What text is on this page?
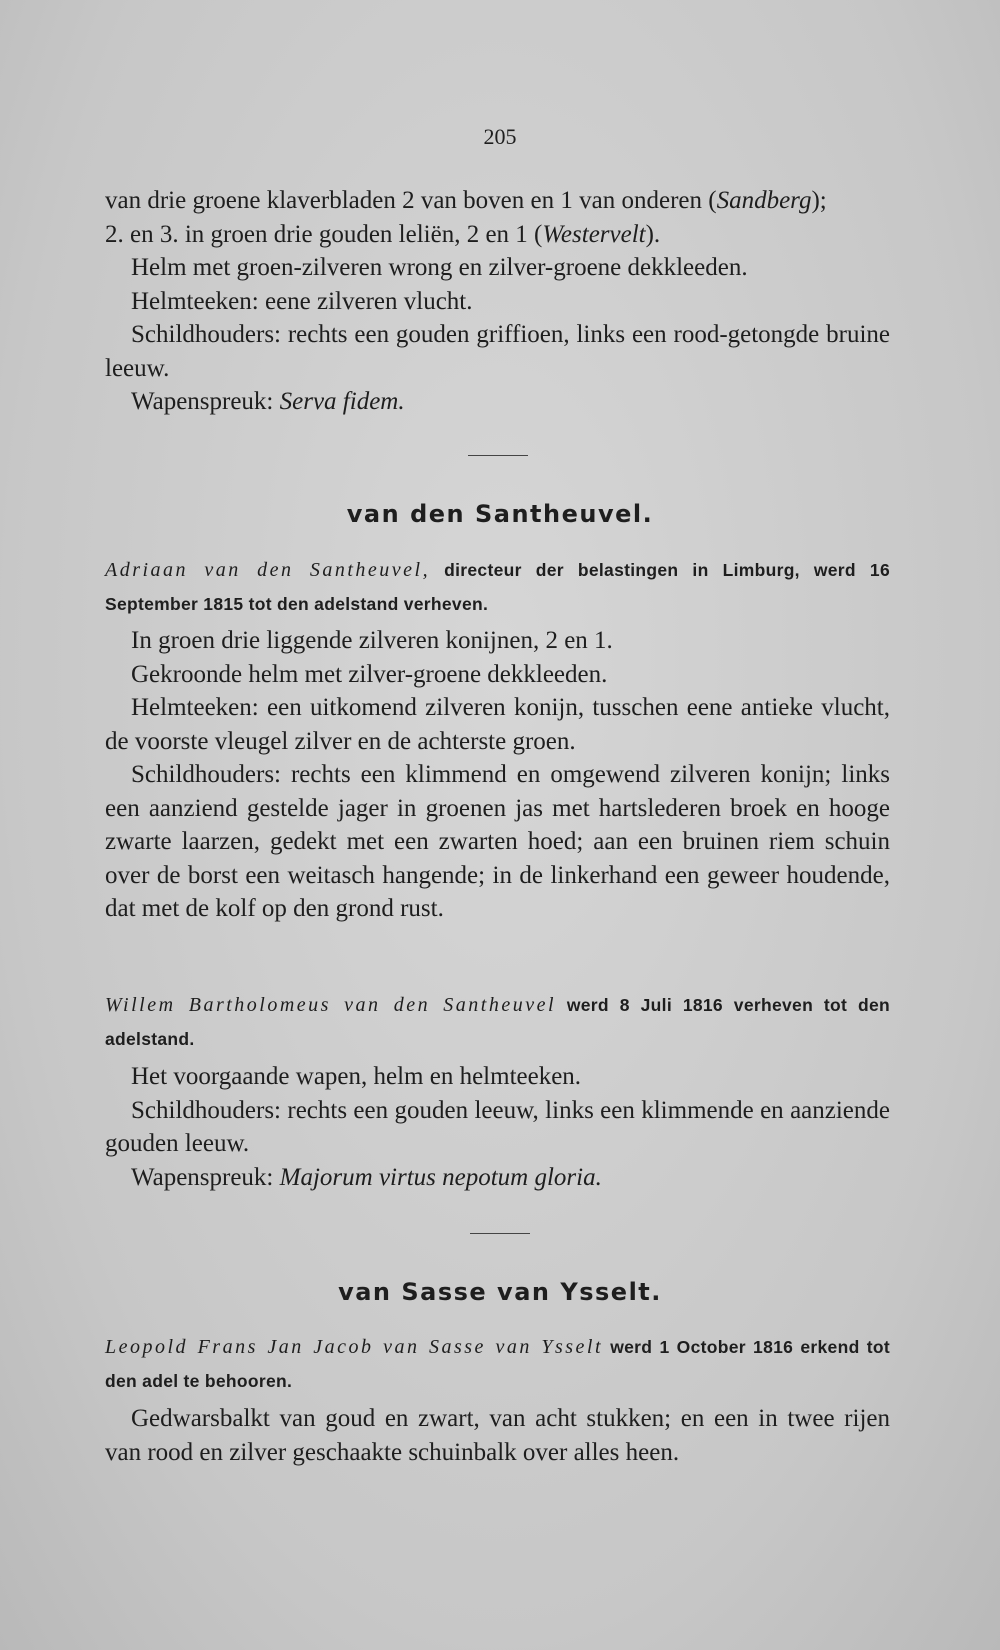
205

van drie groene klaverbladen 2 van boven en 1 van onderen (Sandberg);

2. en 3. in groen drie gouden leliën, 2 en 1 (Westervelt).

Helm met groen-zilveren wrong en zilver-groene dekkleeden.

Helmteeken: eene zilveren vlucht.

Schildhouders: rechts een gouden griffioen, links een rood-getongde bruine leeuw.

Wapenspreuk: Serva fidem.

van den Santheuvel.

Adriaan van den Santheuvel, directeur der belastingen in Limburg, werd 16 September 1815 tot den adelstand verheven.

In groen drie liggende zilveren konijnen, 2 en 1.

Gekroonde helm met zilver-groene dekkleeden.

Helmteeken: een uitkomend zilveren konijn, tusschen eene antieke vlucht, de voorste vleugel zilver en de achterste groen.

Schildhouders: rechts een klimmend en omgewend zilveren konijn; links een aanziend gestelde jager in groenen jas met hartslederen broek en hooge zwarte laarzen, gedekt met een zwarten hoed; aan een bruinen riem schuin over de borst een weitasch hangende; in de linkerhand een geweer houdende, dat met de kolf op den grond rust.

Willem Bartholomeus van den Santheuvel werd 8 Juli 1816 verheven tot den adelstand.

Het voorgaande wapen, helm en helmteeken.

Schildhouders: rechts een gouden leeuw, links een klimmende en aanziende gouden leeuw.

Wapenspreuk: Majorum virtus nepotum gloria.

van Sasse van Ysselt.

Leopold Frans Jan Jacob van Sasse van Ysselt werd 1 October 1816 erkend tot den adel te behooren.

Gedwarsbalkt van goud en zwart, van acht stukken; en een in twee rijen van rood en zilver geschaakte schuinbalk over alles heen.
